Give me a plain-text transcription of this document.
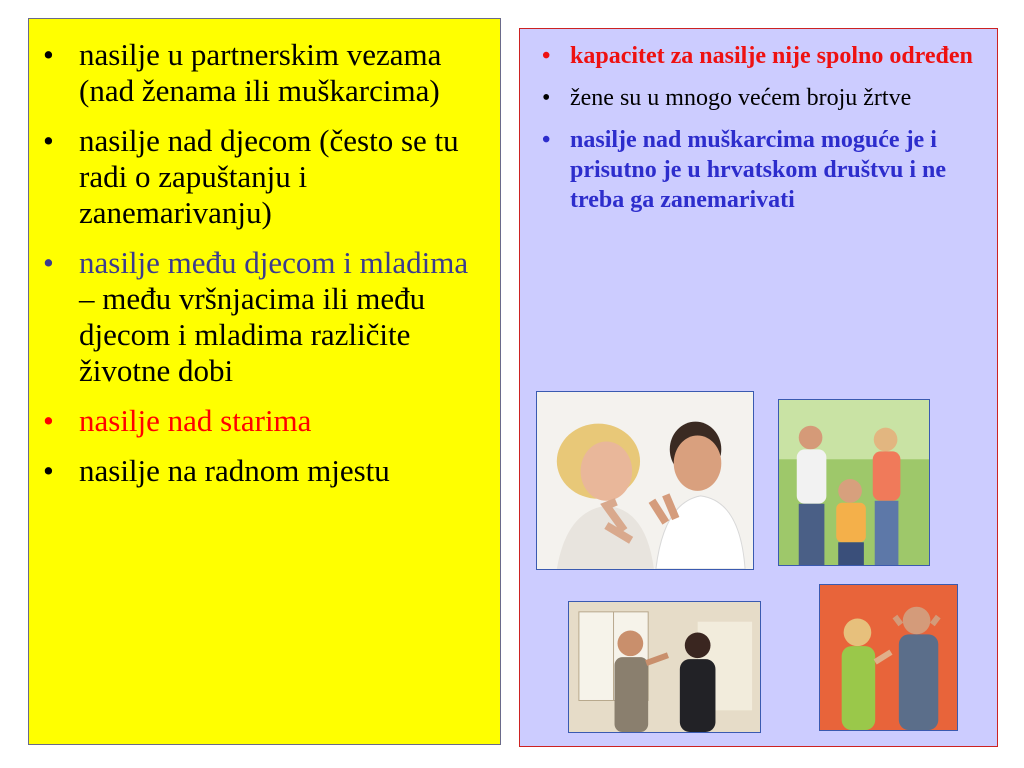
• nasilje u partnerskim vezama (nad ženama ili muškarcima)
• nasilje nad djecom (često se tu radi o zapuštanju i zanemarivanju)
• nasilje među djecom i mladima – među vršnjacima ili među djecom i mladima različite životne dobi
• nasilje nad starima
• nasilje na radnom mjestu
• kapacitet za nasilje nije spolno određen
• žene su u mnogo većem broju žrtve
• nasilje nad muškarcima moguće je i prisutno je u hrvatskom društvu i ne treba ga zanemarivati
